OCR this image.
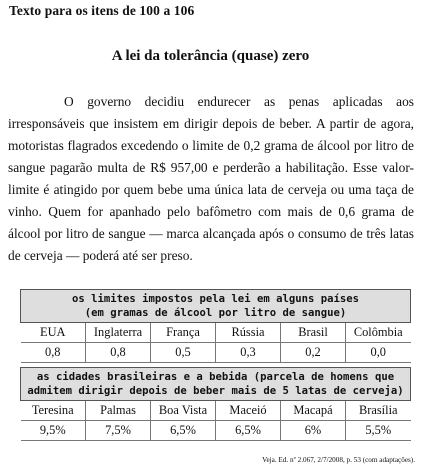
Texto para os itens de 100 a 106
A lei da tolerância (quase) zero

O governo decidiu endurecer as penas aplicadas aos irresponsáveis que insistem em dirigir depois de beber. A partir de agora, motoristas flagrados excedendo o limite de 0,2 grama de álcool por litro de sangue pagarão multa de R$ 957,00 e perderão a habilitação. Esse valor-limite é atingido por quem bebe uma única lata de cerveja ou uma taça de vinho. Quem for apanhado pelo bafômetro com mais de 0,6 grama de álcool por litro de sangue — marca alcançada após o consumo de três latas de cerveja — poderá até ser preso.

os limites impostos pela lei em alguns países
(em gramas de álcool por litro de sangue)					

EUA	Inglaterra	França	Rússia	Brasil	Colômbia
0,8	0,8	0,5	0,3	0,2	0,0
as cidades brasileiras e a bebida (parcela de homens que
admitem dirigir depois de beber mais de 5 latas de cerveja)					

Teresina	Palmas	Boa Vista	Maceió	Macapá	Brasília
9,5%	7,5%	6,5%	6,5%	6%	5,5%
Veja. Ed. nº 2.067, 2/7/2008, p. 53 (com adaptações).
